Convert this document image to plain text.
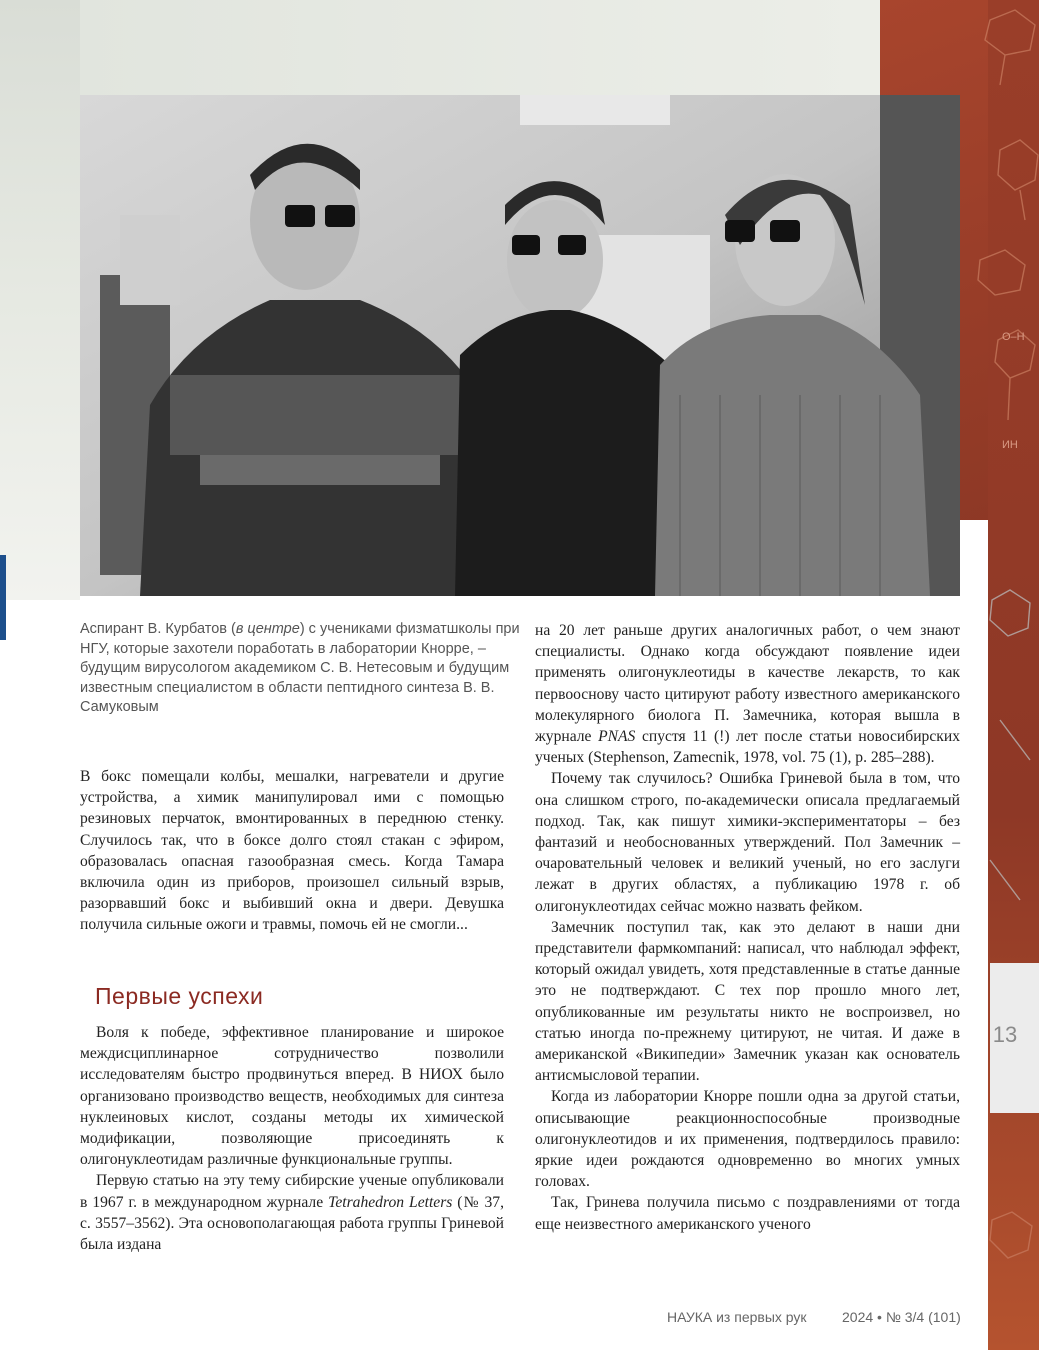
O–H
ИН
13
Аспирант В. Курбатов (в центре) с учениками физматшколы при НГУ, которые захотели поработать в лаборатории Кнорре, – будущим вирусологом академиком С. В. Нетесовым и будущим известным специалистом в области пептидного синтеза В. В. Самуковым

В бокс помещали колбы, мешалки, нагреватели и другие устройства, а химик манипулировал ими с помощью резиновых перчаток, вмонтированных в переднюю стенку. Случилось так, что в боксе долго стоял стакан с эфиром, образовалась опасная газообразная смесь. Когда Тамара включила один из приборов, произошел сильный взрыв, разорвавший бокс и выбивший окна и двери. Девушка получила сильные ожоги и травмы, помочь ей не смогли...

Первые успехи

Воля к победе, эффективное планирование и широкое междисциплинарное сотрудничество позволили исследователям быстро продвинуться вперед. В НИОХ было организовано производство веществ, необходимых для синтеза нуклеиновых кислот, созданы методы их химической модификации, позволяющие присоединять к олигонуклеотидам различные функциональные группы.

Первую статью на эту тему сибирские ученые опубликовали в 1967 г. в международном журнале Tetrahedron Letters (№ 37, с. 3557–3562). Эта основополагающая работа группы Гриневой была издана

на 20 лет раньше других аналогичных работ, о чем знают специалисты. Однако когда обсуждают появление идеи применять олигонуклеотиды в качестве лекарств, то как первооснову часто цитируют работу известного американского молекулярного биолога П. Замечника, которая вышла в журнале PNAS спустя 11 (!) лет после статьи новосибирских ученых (Stephenson, Zamecnik, 1978, vol. 75 (1), p. 285–288).

Почему так случилось? Ошибка Гриневой была в том, что она слишком строго, по-академически описала предлагаемый подход. Так, как пишут химики-экспериментаторы – без фантазий и необоснованных утверждений. Пол Замечник – очаровательный человек и великий ученый, но его заслуги лежат в других областях, а публикацию 1978 г. об олигонуклеотидах сейчас можно назвать фейком.

Замечник поступил так, как это делают в наши дни представители фармкомпаний: написал, что наблюдал эффект, который ожидал увидеть, хотя представленные в статье данные это не подтверждают. С тех пор прошло много лет, опубликованные им результаты никто не воспроизвел, но статью иногда по-прежнему цитируют, не читая. И даже в американской «Википедии» Замечник указан как основатель антисмысловой терапии.

Когда из лаборатории Кнорре пошли одна за другой статьи, описывающие реакционноспособные производные олигонуклеотидов и их применения, подтвердилось правило: яркие идеи рождаются одновременно во многих умных головах.

Так, Гринева получила письмо с поздравлениями от тогда еще неизвестного американского ученого

НАУКА из первых рук	2024 • № 3/4 (101)
